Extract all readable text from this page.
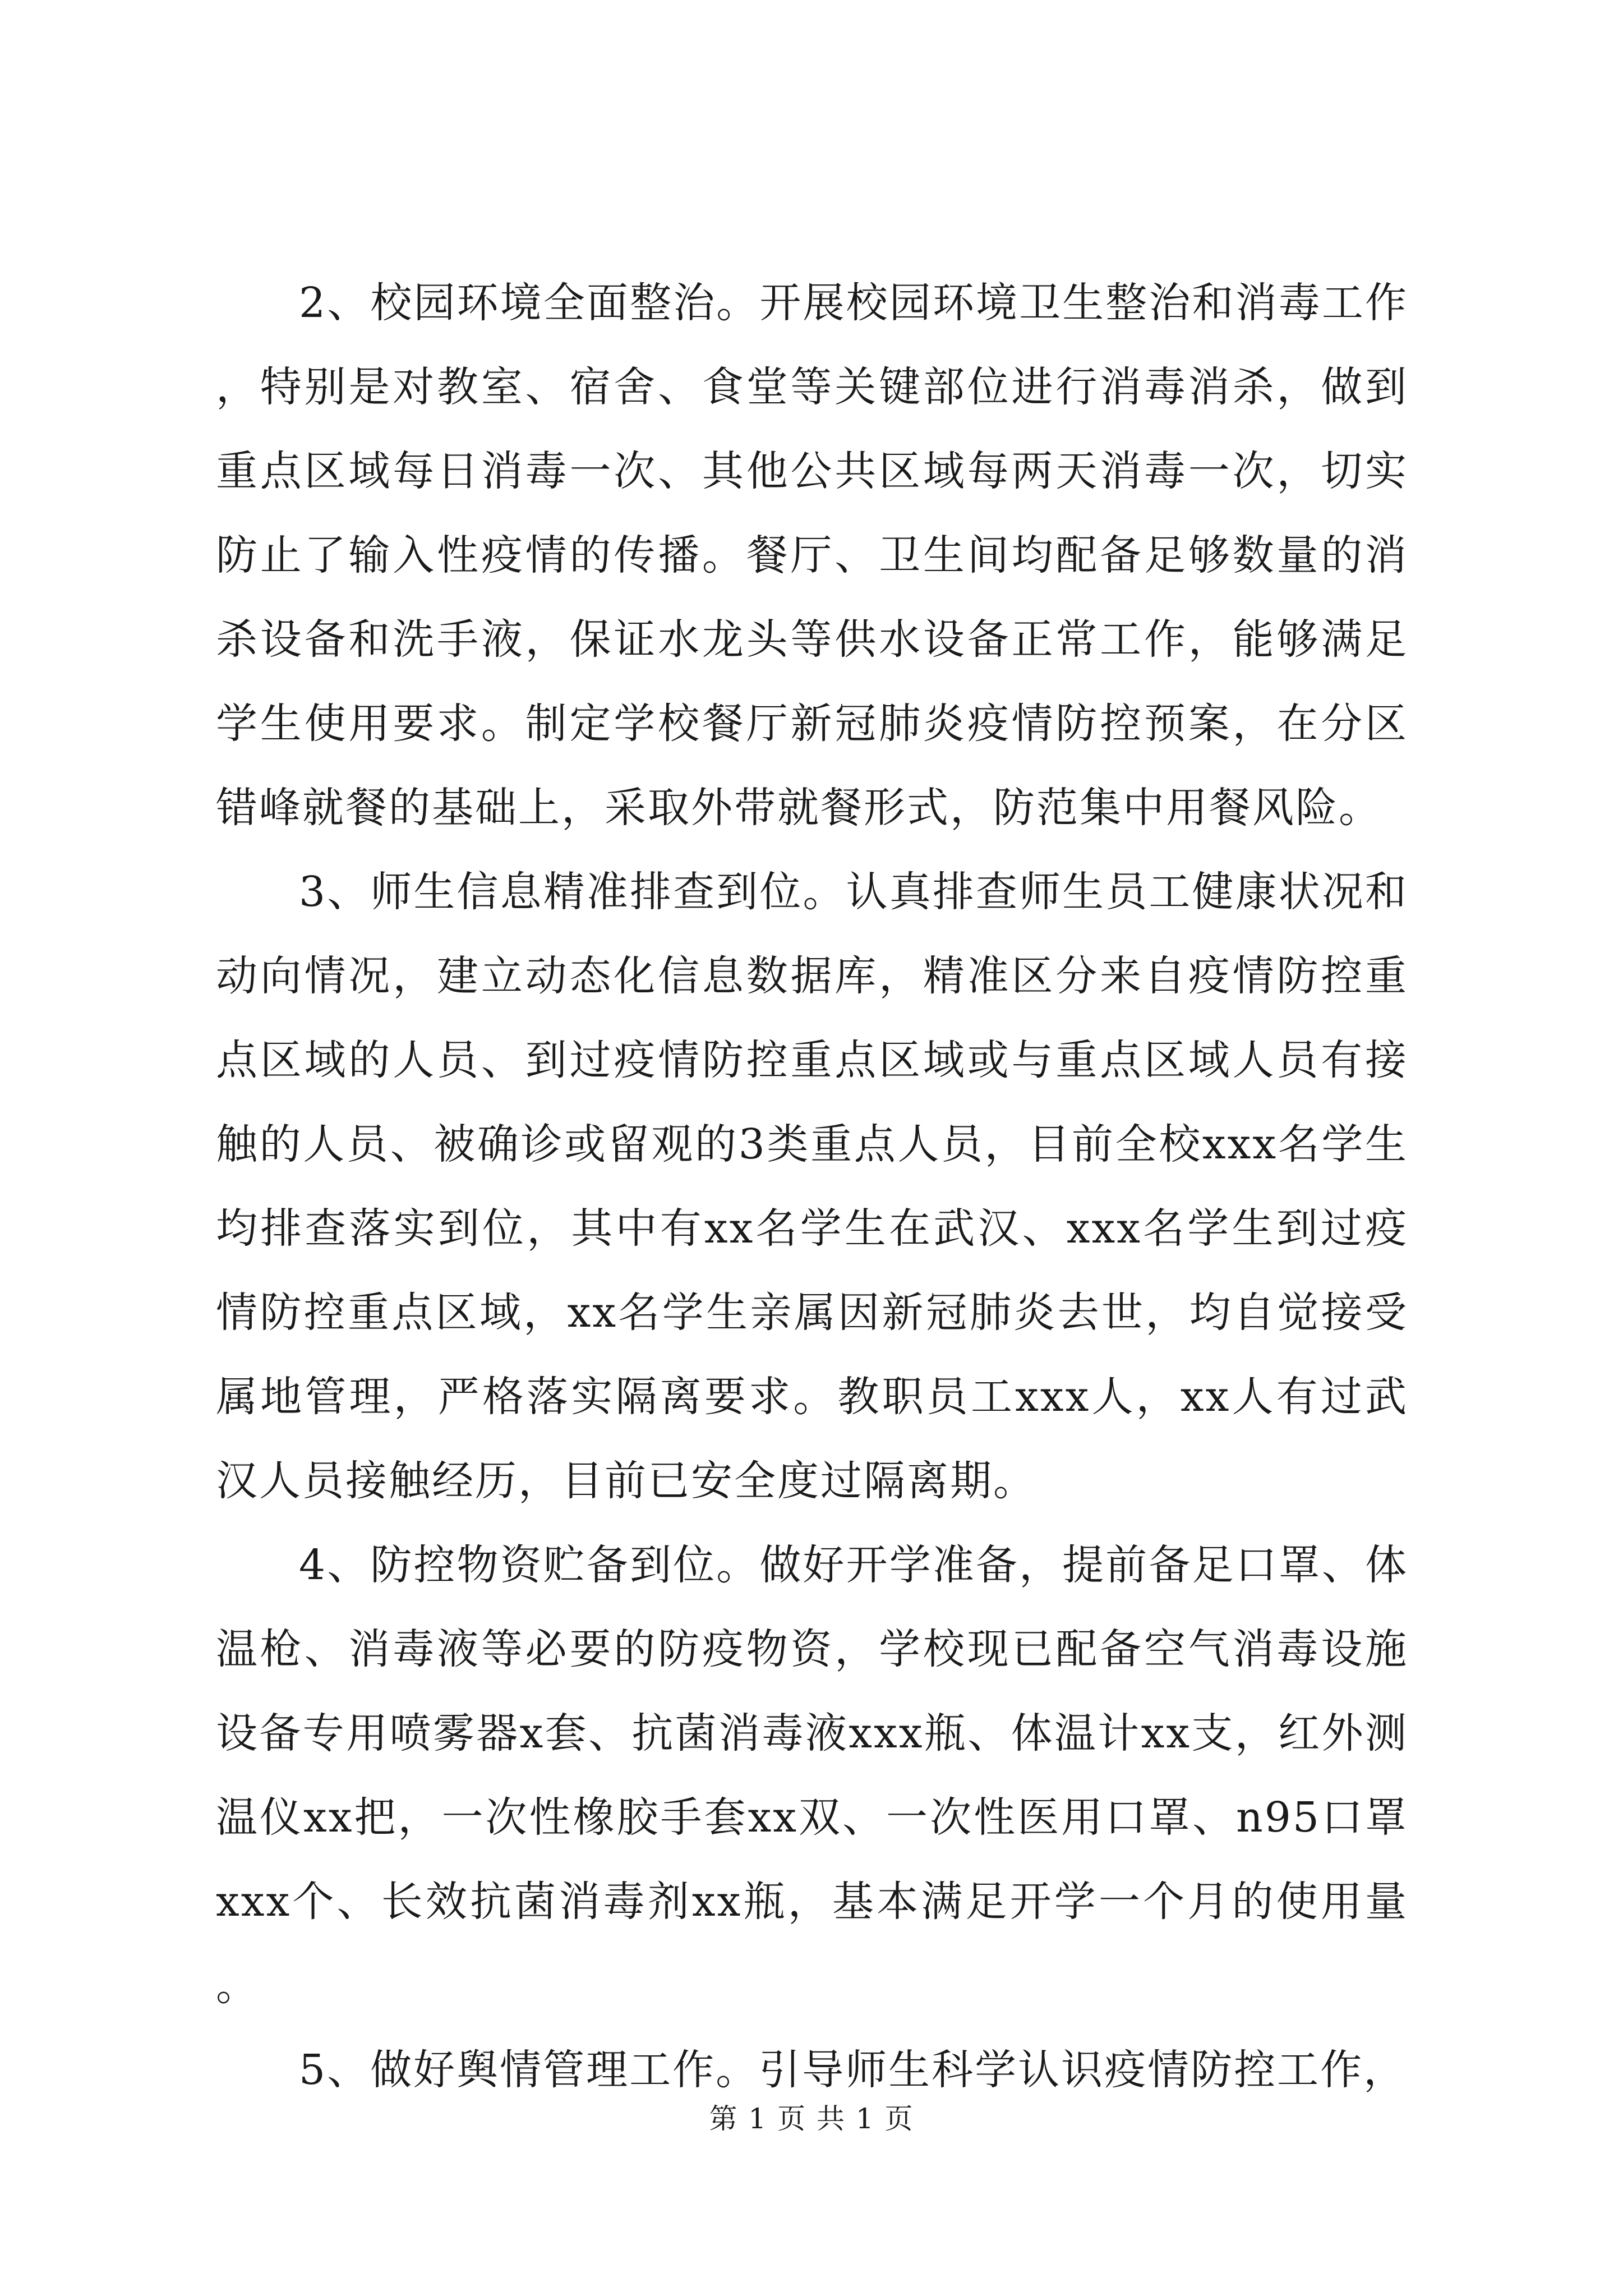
2、校园环境全面整治。开展校园环境卫生整治和消毒工作，特别是对教室、宿舍、食堂等关键部位进行消毒消杀，做到重点区域每日消毒一次、其他公共区域每两天消毒一次，切实防止了输入性疫情的传播。餐厅、卫生间均配备足够数量的消杀设备和洗手液，保证水龙头等供水设备正常工作，能够满足学生使用要求。制定学校餐厅新冠肺炎疫情防控预案，在分区错峰就餐的基础上，采取外带就餐形式，防范集中用餐风险。

3、师生信息精准排查到位。认真排查师生员工健康状况和动向情况，建立动态化信息数据库，精准区分来自疫情防控重点区域的人员、到过疫情防控重点区域或与重点区域人员有接触的人员、被确诊或留观的3类重点人员，目前全校xxx名学生均排查落实到位，其中有xx名学生在武汉、xxx名学生到过疫情防控重点区域，xx名学生亲属因新冠肺炎去世，均自觉接受属地管理，严格落实隔离要求。教职员工xxx人，xx人有过武汉人员接触经历，目前已安全度过隔离期。

4、防控物资贮备到位。做好开学准备，提前备足口罩、体温枪、消毒液等必要的防疫物资，学校现已配备空气消毒设施设备专用喷雾器x套、抗菌消毒液xxx瓶、体温计xx支，红外测温仪xx把，一次性橡胶手套xx双、一次性医用口罩、n95口罩xxx个、长效抗菌消毒剂xx瓶，基本满足开学一个月的使用量。

5、做好舆情管理工作。引导师生科学认识疫情防控工作，

第 1 页 共 1 页
